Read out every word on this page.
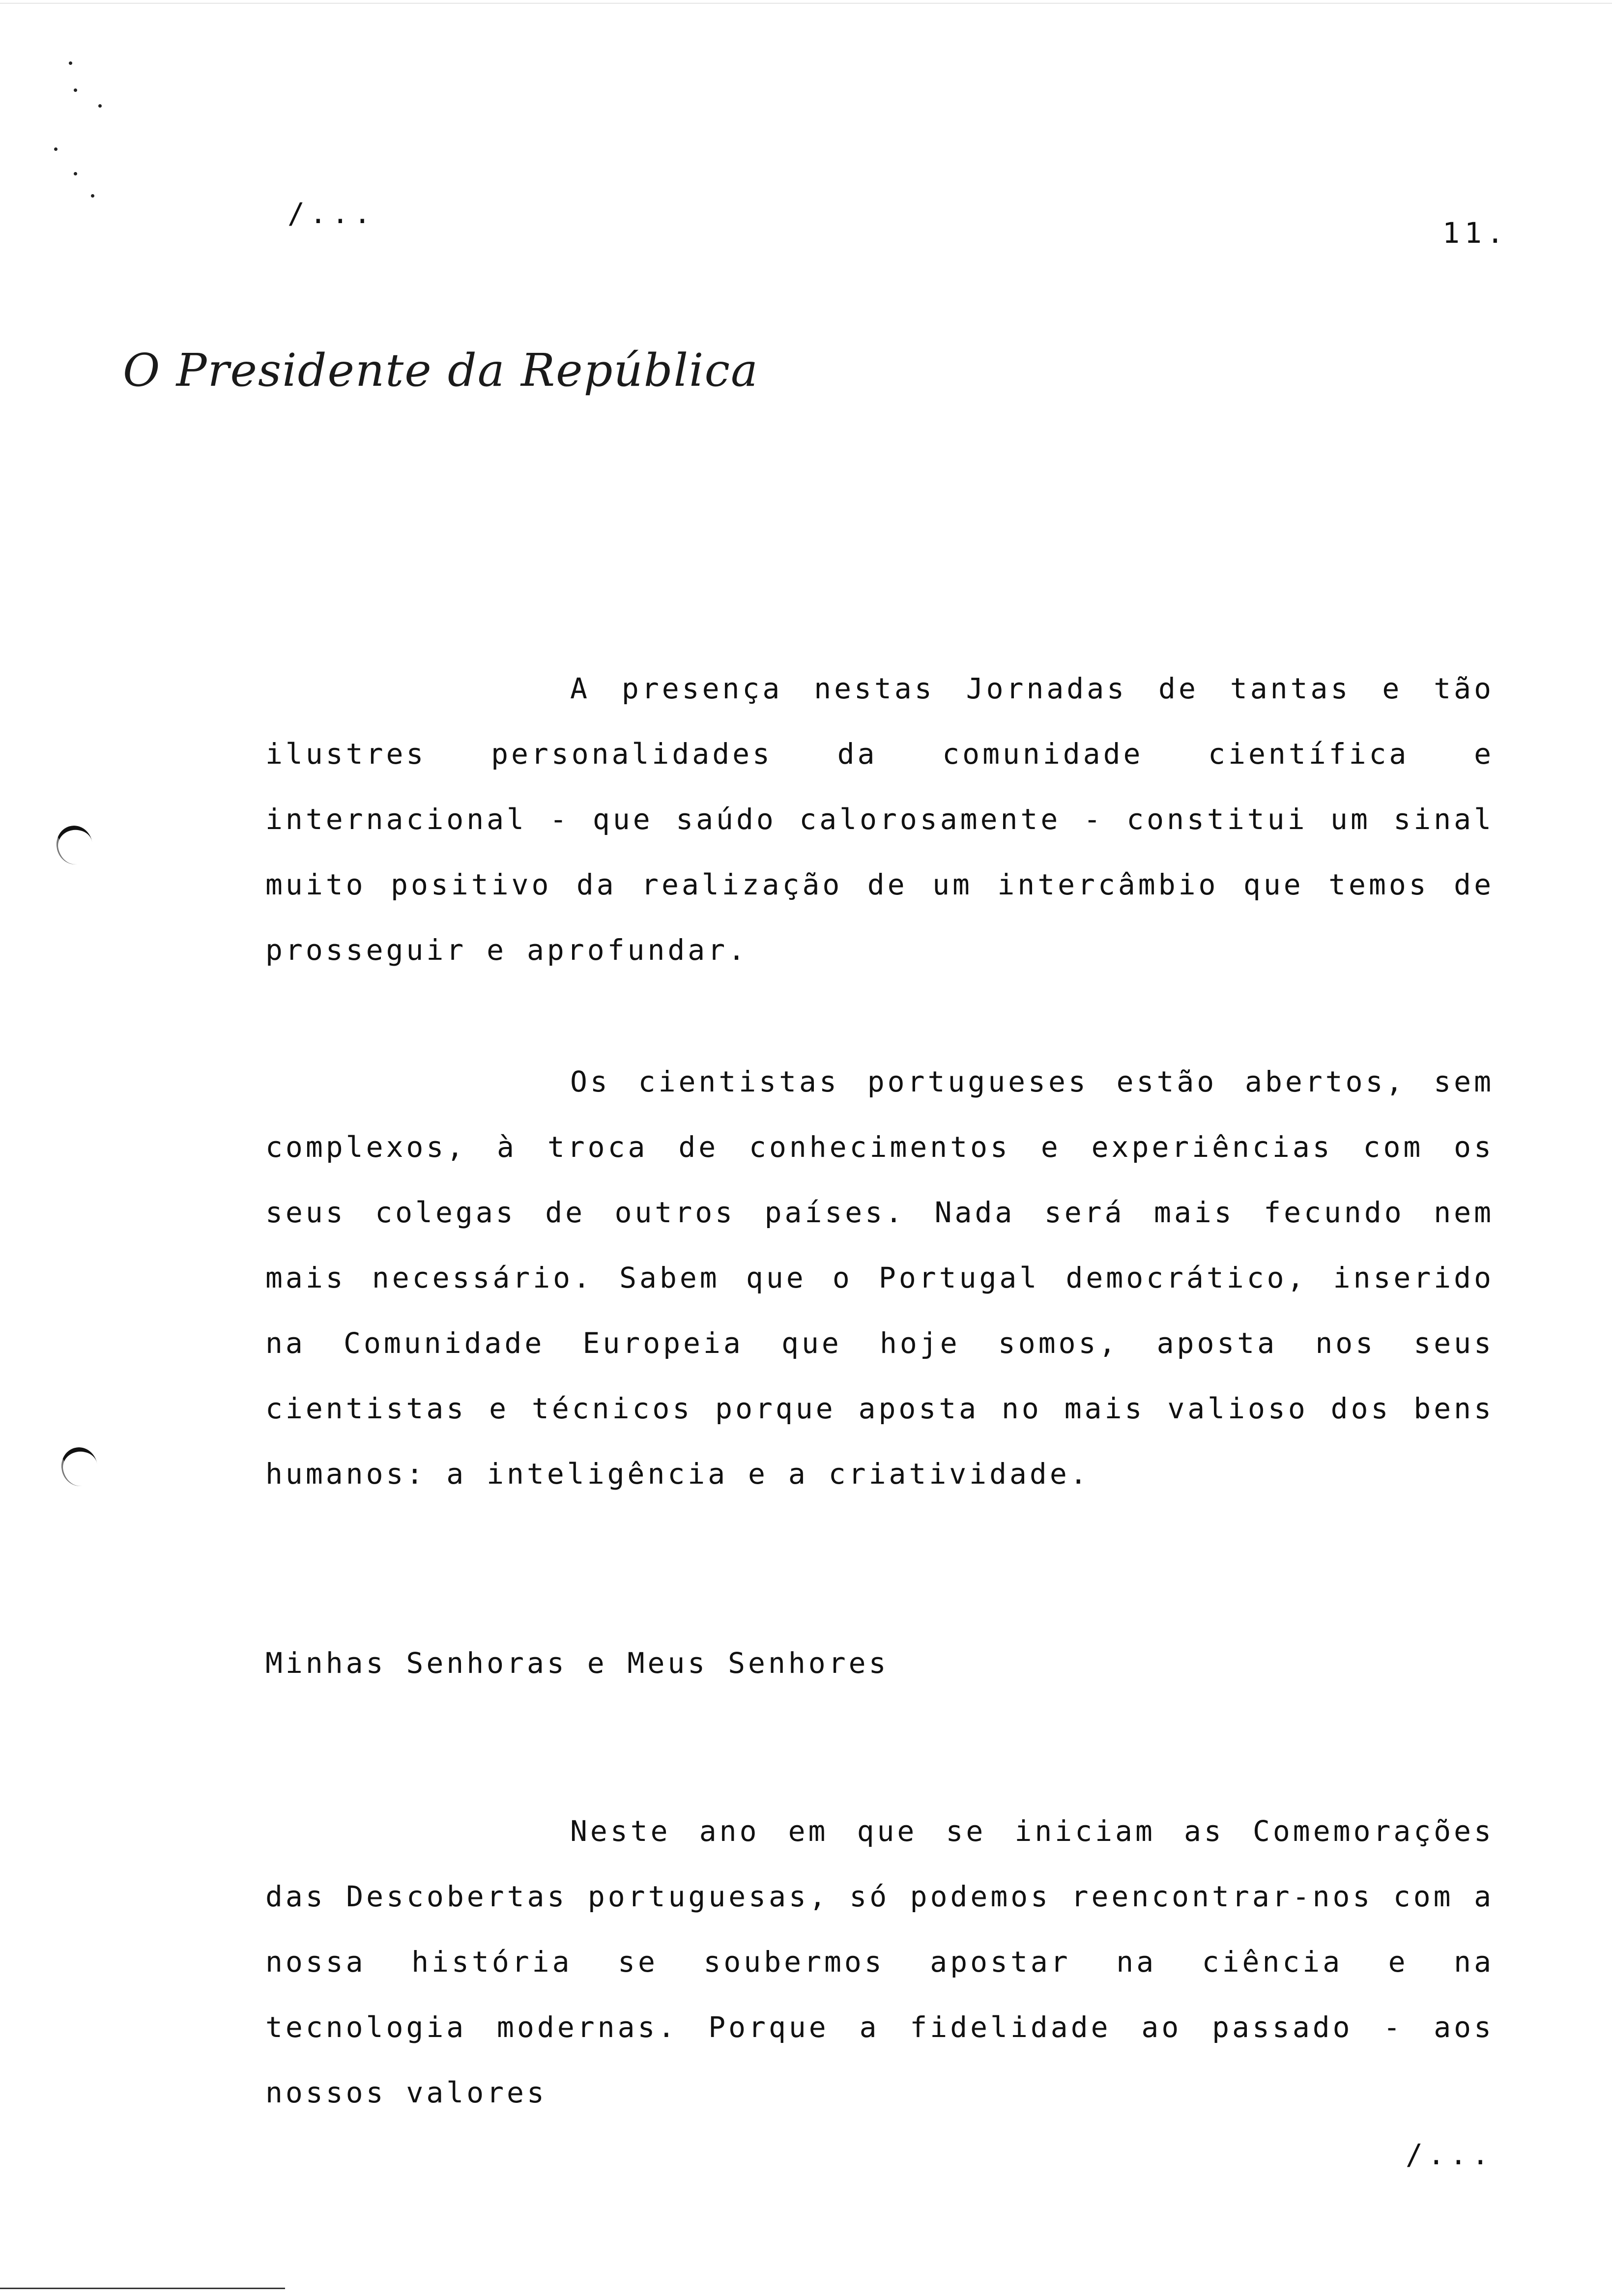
/...
11.
O Presidente da República

A presença nestas Jornadas de tantas e tão ilustres personalidades da comunidade científica e internacional - que saúdo calorosamente - constitui um sinal muito positivo da realização de um intercâmbio que temos de prosseguir e aprofundar.

Os cientistas portugueses estão abertos, sem complexos, à troca de conhecimentos e experiências com os seus colegas de outros países. Nada será mais fecundo nem mais necessário. Sabem que o Portugal democrático, inserido na Comunidade Europeia que hoje somos, aposta nos seus cientistas e técnicos porque aposta no mais valioso dos bens humanos: a inteligência e a criatividade.

Minhas Senhoras e Meus Senhores

Neste ano em que se iniciam as Comemorações das Descobertas portuguesas, só podemos reencontrar-nos com a nossa história se soubermos apostar na ciência e na tecnologia modernas. Porque a fidelidade ao passado - aos nossos valores

/...
